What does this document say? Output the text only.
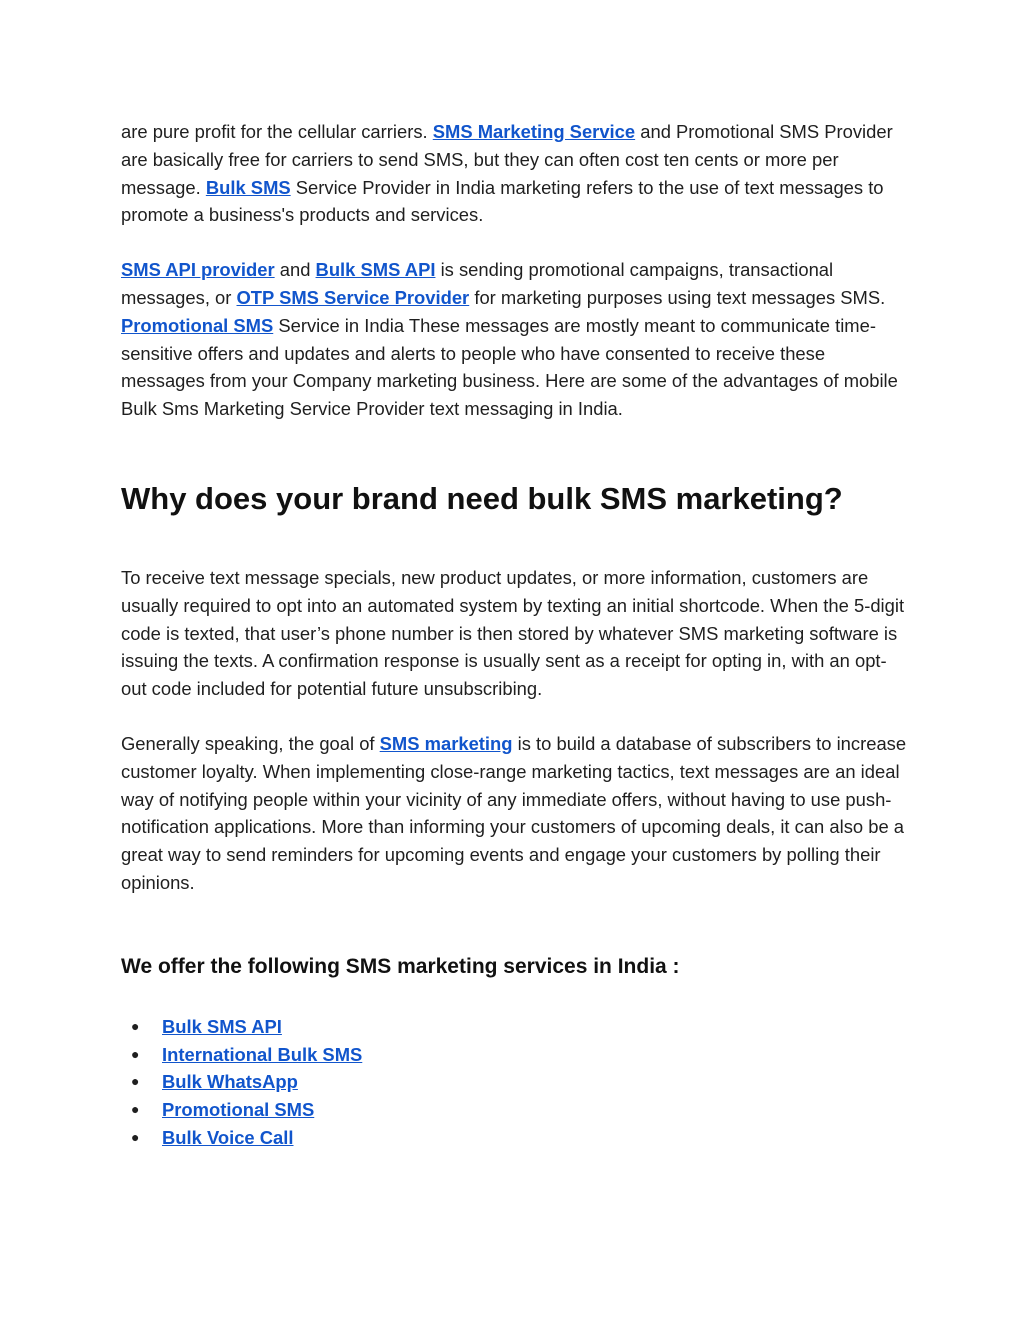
are pure profit for the cellular carriers. SMS Marketing Service and Promotional SMS Provider are basically free for carriers to send SMS, but they can often cost ten cents or more per message. Bulk SMS Service Provider in India marketing refers to the use of text messages to promote a business's products and services.

SMS API provider and Bulk SMS API is sending promotional campaigns, transactional messages, or OTP SMS Service Provider for marketing purposes using text messages SMS. Promotional SMS Service in India These messages are mostly meant to communicate time-sensitive offers and updates and alerts to people who have consented to receive these messages from your Company marketing business. Here are some of the advantages of mobile Bulk Sms Marketing Service Provider text messaging in India.

Why does your brand need bulk SMS marketing?

To receive text message specials, new product updates, or more information, customers are usually required to opt into an automated system by texting an initial shortcode. When the 5-digit code is texted, that user’s phone number is then stored by whatever SMS marketing software is issuing the texts. A confirmation response is usually sent as a receipt for opting in, with an opt-out code included for potential future unsubscribing.

Generally speaking, the goal of SMS marketing is to build a database of subscribers to increase customer loyalty. When implementing close-range marketing tactics, text messages are an ideal way of notifying people within your vicinity of any immediate offers, without having to use push-notification applications. More than informing your customers of upcoming deals, it can also be a great way to send reminders for upcoming events and engage your customers by polling their opinions.

We offer the following SMS marketing services in India :
● Bulk SMS API
● International Bulk SMS
● Bulk WhatsApp
● Promotional SMS
● Bulk Voice Call
